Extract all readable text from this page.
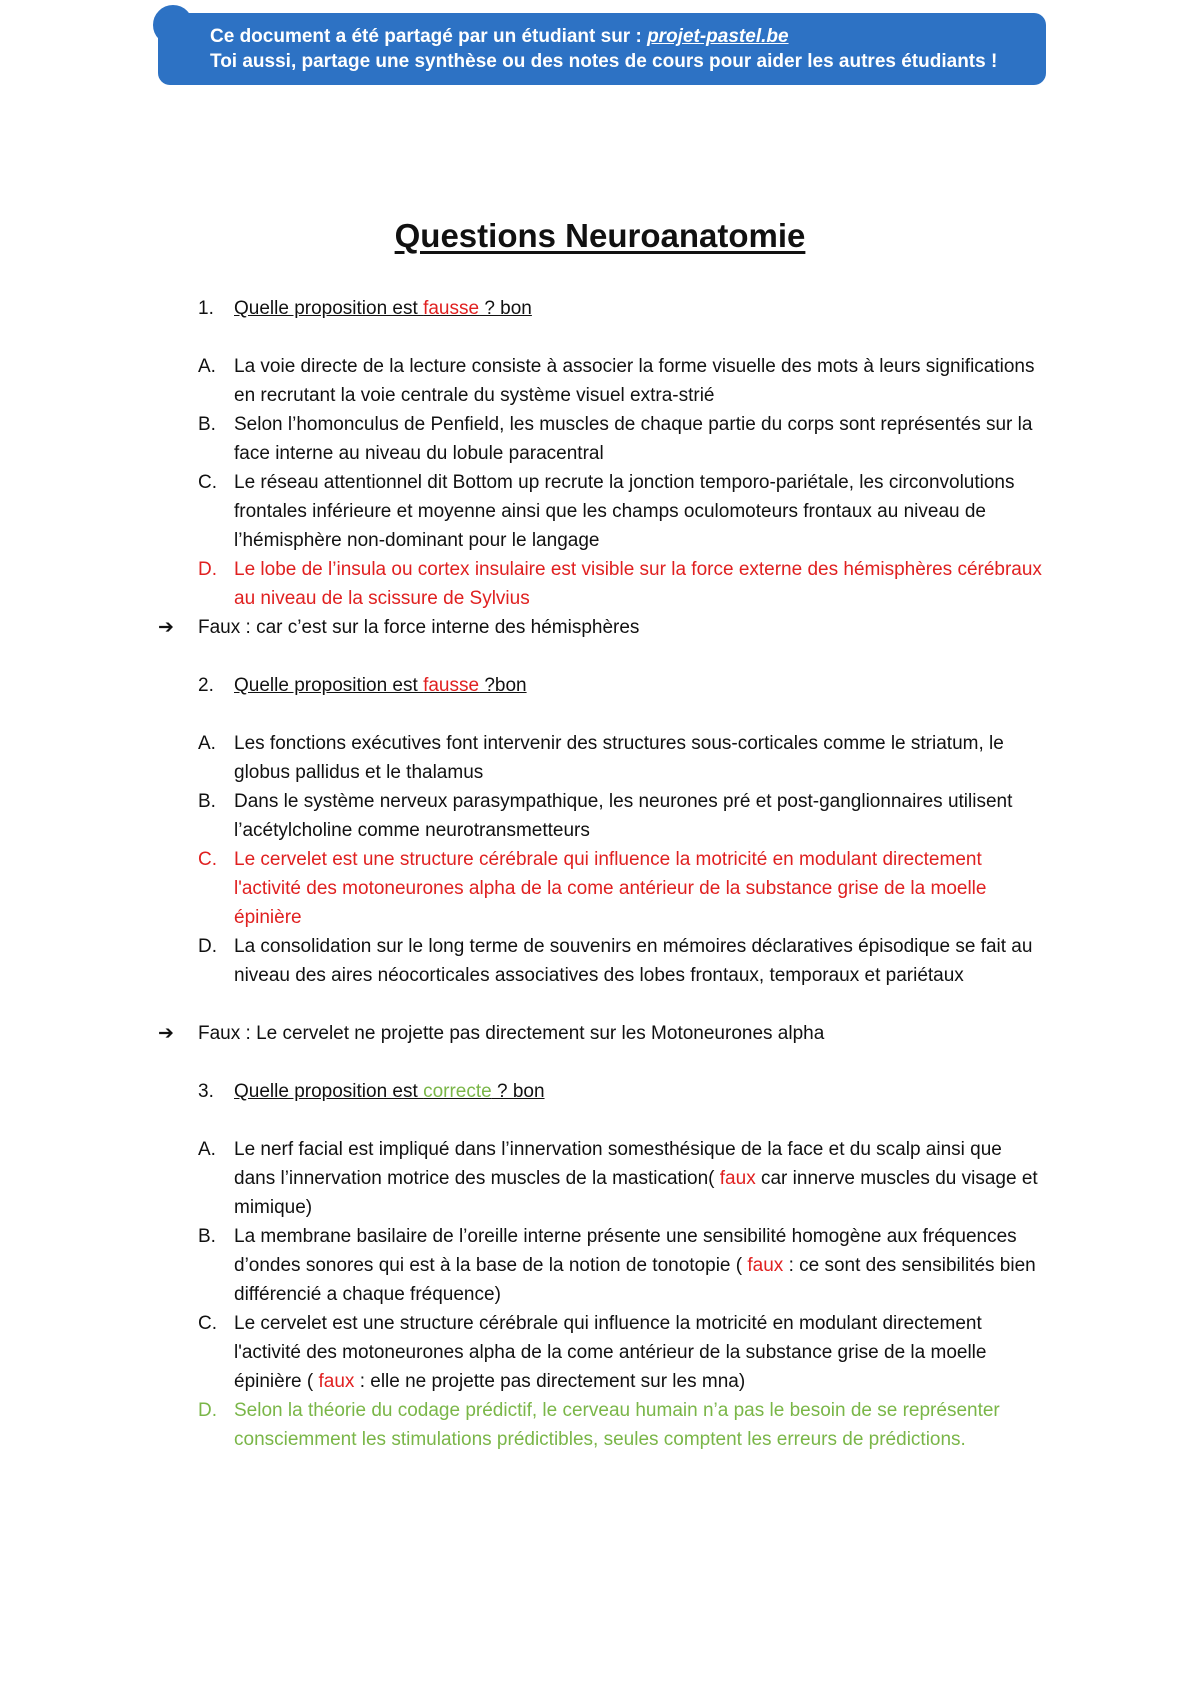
Ce document a été partagé par un étudiant sur : projet-pastel.be
Toi aussi, partage une synthèse ou des notes de cours pour aider les autres étudiants !
Questions Neuroanatomie
1. Quelle proposition est fausse ? bon
A. La voie directe de la lecture consiste à associer la forme visuelle des mots à leurs significations en recrutant la voie centrale du système visuel extra-strié
B. Selon l’homonculus de Penfield, les muscles de chaque partie du corps sont représentés sur la face interne au niveau du lobule paracentral
C. Le réseau attentionnel dit Bottom up recrute la jonction temporo-pariétale, les circonvolutions frontales inférieure et moyenne ainsi que les champs oculomoteurs frontaux au niveau de l’hémisphère non-dominant pour le langage
D. Le lobe de l’insula ou cortex insulaire est visible sur la force externe des hémisphères cérébraux au niveau de la scissure de Sylvius
➔ Faux : car c’est sur la force interne des hémisphères
2. Quelle proposition est fausse ?bon
A. Les fonctions exécutives font intervenir des structures sous-corticales comme le striatum, le globus pallidus et le thalamus
B. Dans le système nerveux parasympathique, les neurones pré et post-ganglionnaires utilisent l’acétylcholine comme neurotransmetteurs
C. Le cervelet est une structure cérébrale qui influence la motricité en modulant directement l'activité des motoneurones alpha de la come antérieur de la substance grise de la moelle épinière
D. La consolidation sur le long terme de souvenirs en mémoires déclaratives épisodique se fait au niveau des aires néocorticales associatives des lobes frontaux, temporaux et pariétaux
➔ Faux : Le cervelet ne projette pas directement sur les Motoneurones alpha
3. Quelle proposition est correcte ? bon
A. Le nerf facial est impliqué dans l’innervation somesthésique de la face et du scalp ainsi que dans l’innervation motrice des muscles de la mastication( faux car innerve muscles du visage et mimique)
B. La membrane basilaire de l’oreille interne présente une sensibilité homogène aux fréquences d’ondes sonores qui est à la base de la notion de tonotopie ( faux : ce sont des sensibilités bien différencié a chaque fréquence)
C. Le cervelet est une structure cérébrale qui influence la motricité en modulant directement l'activité des motoneurones alpha de la come antérieur de la substance grise de la moelle épinière ( faux : elle ne projette pas directement sur les mna)
D. Selon la théorie du codage prédictif, le cerveau humain n’a pas le besoin de se représenter consciemment les stimulations prédictibles, seules comptent les erreurs de prédictions.
